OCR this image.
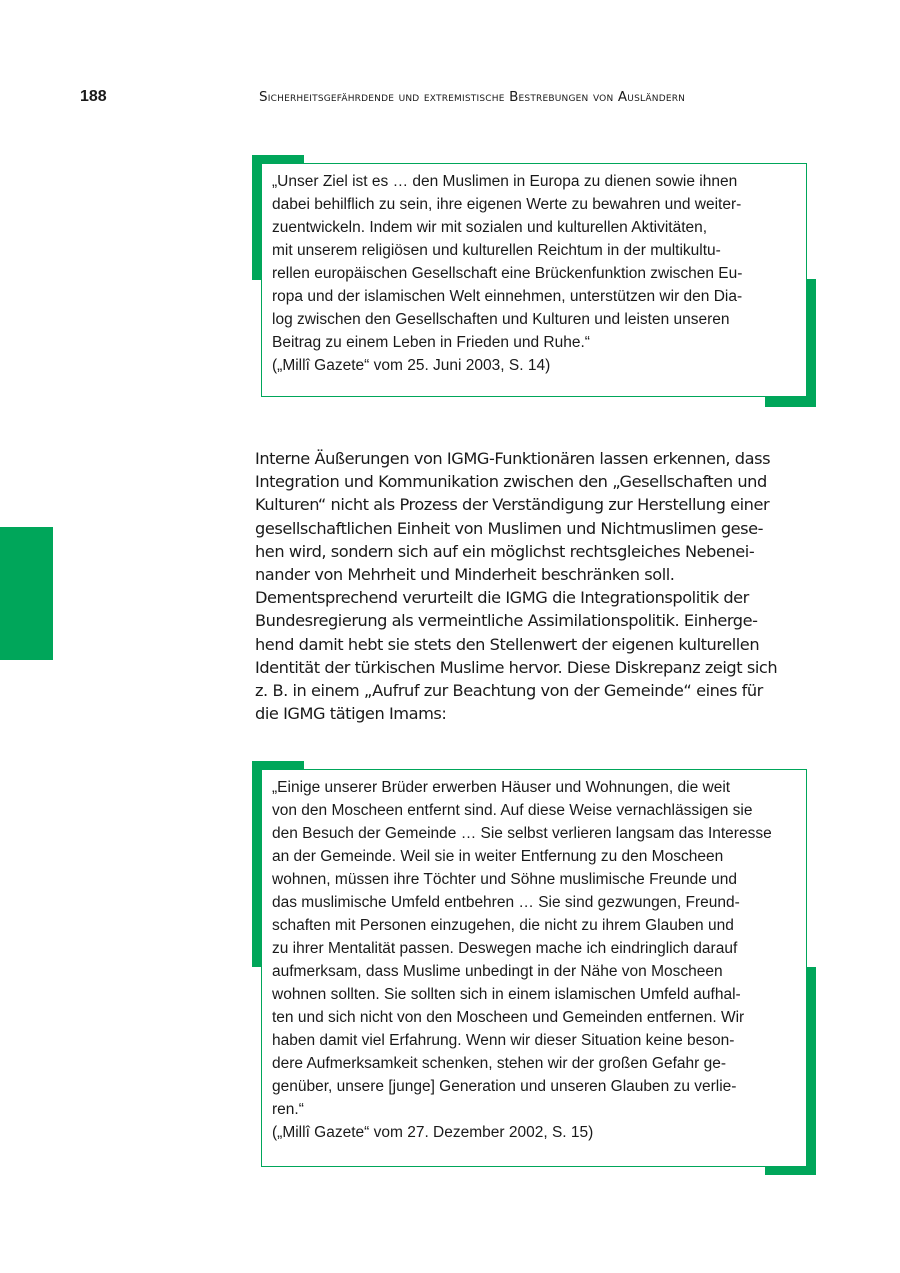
188	Sicherheitsgefährdende und extremistische Bestrebungen von Ausländern

„Unser Ziel ist es … den Muslimen in Europa zu dienen sowie ihnen
dabei behilflich zu sein, ihre eigenen Werte zu bewahren und weiter-
zuentwickeln. Indem wir mit sozialen und kulturellen Aktivitäten,
mit unserem religiösen und kulturellen Reichtum in der multikultu-
rellen europäischen Gesellschaft eine Brückenfunktion zwischen Eu-
ropa und der islamischen Welt einnehmen, unterstützen wir den Dia-
log zwischen den Gesellschaften und Kulturen und leisten unseren
Beitrag zu einem Leben in Frieden und Ruhe.“

(„Millî Gazete“ vom 25. Juni 2003, S. 14)

Interne Äußerungen von IGMG-Funktionären lassen erkennen, dass
Integration und Kommunikation zwischen den „Gesellschaften und
Kulturen“ nicht als Prozess der Verständigung zur Herstellung einer
gesellschaftlichen Einheit von Muslimen und Nichtmuslimen gese-
hen wird, sondern sich auf ein möglichst rechtsgleiches Nebenei-
nander von Mehrheit und Minderheit beschränken soll.
Dementsprechend verurteilt die IGMG die Integrationspolitik der
Bundesregierung als vermeintliche Assimilationspolitik. Einherge-
hend damit hebt sie stets den Stellenwert der eigenen kulturellen
Identität der türkischen Muslime hervor. Diese Diskrepanz zeigt sich
z. B. in einem „Aufruf zur Beachtung von der Gemeinde“ eines für
die IGMG tätigen Imams:

„Einige unserer Brüder erwerben Häuser und Wohnungen, die weit
von den Moscheen entfernt sind. Auf diese Weise vernachlässigen sie
den Besuch der Gemeinde … Sie selbst verlieren langsam das Interesse
an der Gemeinde. Weil sie in weiter Entfernung zu den Moscheen
wohnen, müssen ihre Töchter und Söhne muslimische Freunde und
das muslimische Umfeld entbehren … Sie sind gezwungen, Freund-
schaften mit Personen einzugehen, die nicht zu ihrem Glauben und
zu ihrer Mentalität passen. Deswegen mache ich eindringlich darauf
aufmerksam, dass Muslime unbedingt in der Nähe von Moscheen
wohnen sollten. Sie sollten sich in einem islamischen Umfeld aufhal-
ten und sich nicht von den Moscheen und Gemeinden entfernen. Wir
haben damit viel Erfahrung. Wenn wir dieser Situation keine beson-
dere Aufmerksamkeit schenken, stehen wir der großen Gefahr ge-
genüber, unsere [junge] Generation und unseren Glauben zu verlie-
ren.“

(„Millî Gazete“ vom 27. Dezember 2002, S. 15)
